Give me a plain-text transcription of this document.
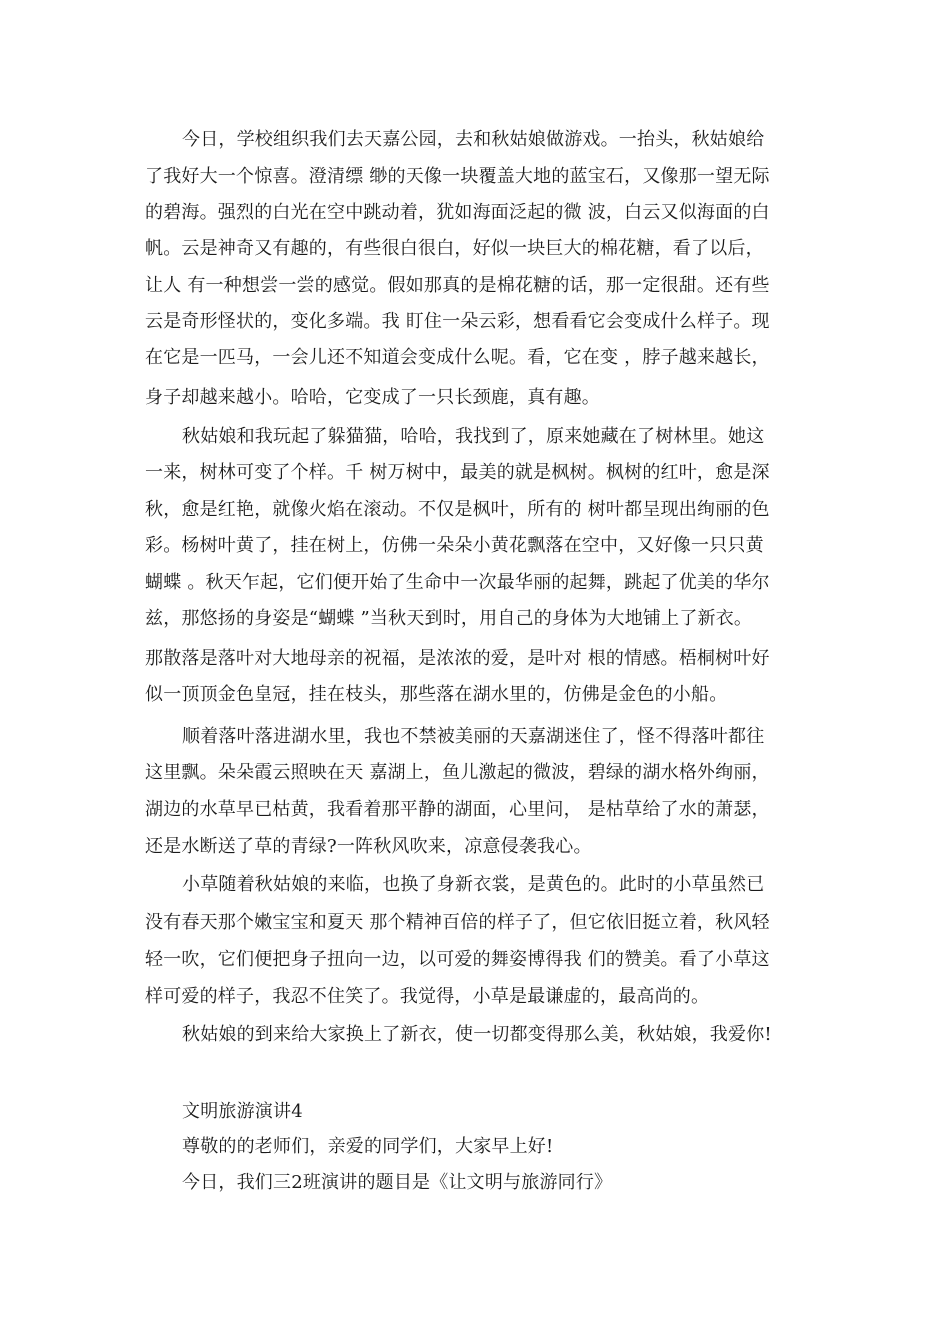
今日，学校组织我们去天嘉公园，去和秋姑娘做游戏。一抬头，秋姑娘给
了我好大一个惊喜。澄清缥 缈的天像一块覆盖大地的蓝宝石，又像那一望无际
的碧海。强烈的白光在空中跳动着，犹如海面泛起的微 波，白云又似海面的白
帆。云是神奇又有趣的，有些很白很白，好似一块巨大的棉花糖，看了以后，
让人 有一种想尝一尝的感觉。假如那真的是棉花糖的话，那一定很甜。还有些
云是奇形怪状的，变化多端。我 盯住一朵云彩，想看看它会变成什么样子。现
在它是一匹马，一会儿还不知道会变成什么呢。看，它在变 ，脖子越来越长，
身子却越来越小。哈哈，它变成了一只长颈鹿，真有趣。
秋姑娘和我玩起了躲猫猫，哈哈，我找到了，原来她藏在了树林里。她这
一来，树林可变了个样。千 树万树中，最美的就是枫树。枫树的红叶，愈是深
秋，愈是红艳，就像火焰在滚动。不仅是枫叶，所有的 树叶都呈现出绚丽的色
彩。杨树叶黄了，挂在树上，仿佛一朵朵小黄花飘落在空中，又好像一只只黄
蝴蝶 。秋天乍起，它们便开始了生命中一次最华丽的起舞，跳起了优美的华尔
兹，那悠扬的身姿是“蝴蝶 ”当秋天到时，用自己的身体为大地铺上了新衣。
那散落是落叶对大地母亲的祝福，是浓浓的爱，是叶对 根的情感。梧桐树叶好
似一顶顶金色皇冠，挂在枝头，那些落在湖水里的，仿佛是金色的小船。
顺着落叶落进湖水里，我也不禁被美丽的天嘉湖迷住了，怪不得落叶都往
这里飘。朵朵霞云照映在天 嘉湖上，鱼儿激起的微波，碧绿的湖水格外绚丽，
湖边的水草早已枯黄，我看着那平静的湖面，心里问， 是枯草给了水的萧瑟，
还是水断送了草的青绿?一阵秋风吹来，凉意侵袭我心。
小草随着秋姑娘的来临，也换了身新衣裳，是黄色的。此时的小草虽然已
没有春天那个嫩宝宝和夏天 那个精神百倍的样子了，但它依旧挺立着，秋风轻
轻一吹，它们便把身子扭向一边，以可爱的舞姿博得我 们的赞美。看了小草这
样可爱的样子，我忍不住笑了。我觉得，小草是最谦虚的，最高尚的。
秋姑娘的到来给大家换上了新衣，使一切都变得那么美，秋姑娘，我爱你!
文明旅游演讲4
尊敬的的老师们，亲爱的同学们，大家早上好!
今日，我们三2班演讲的题目是《让文明与旅游同行》
